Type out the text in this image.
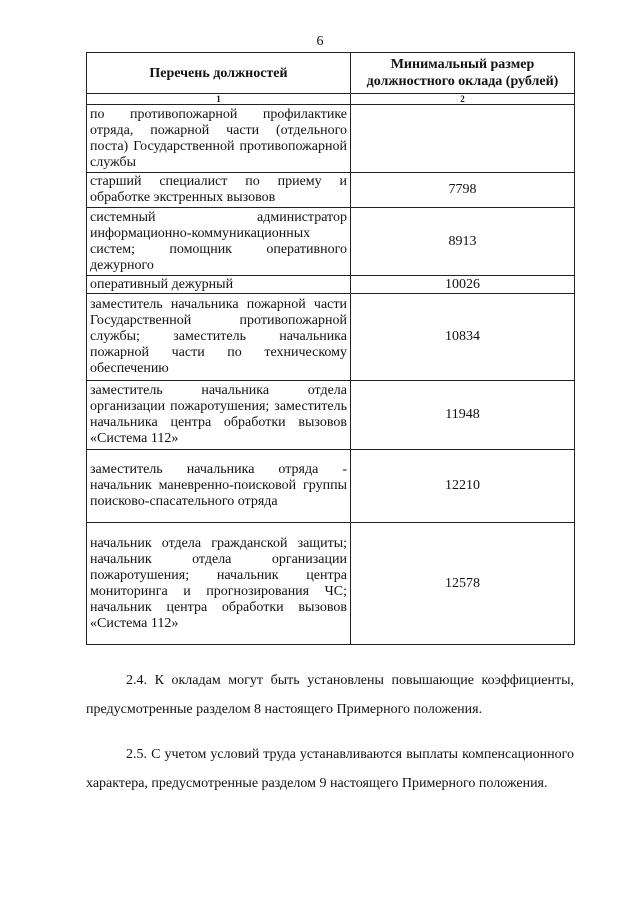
6
Перечень должностей	Минимальный размер должностного оклада (рублей)
1	2
по противопожарной профилактике отряда, пожарной части (отдельного поста) Государственной противопожарной службы	
старший специалист по приему и обработке экстренных вызовов	7798
системный администратор информационно-коммуникационных систем; помощник оперативного дежурного	8913
оперативный дежурный	10026
заместитель начальника пожарной части Государственной противопожарной службы; заместитель начальника пожарной части по техническому обеспечению	10834
заместитель начальника отдела организации пожаротушения; заместитель начальника центра обработки вызовов «Система 112»	11948
заместитель начальника отряда - начальник маневренно-поисковой группы поисково-спасательного отряда	12210
начальник отдела гражданской защиты; начальник отдела организации пожаротушения; начальник центра мониторинга и прогнозирования ЧС; начальник центра обработки вызовов «Система 112»	12578

2.4. К окладам могут быть установлены повышающие коэффициенты, предусмотренные разделом 8 настоящего Примерного положения.

2.5. С учетом условий труда устанавливаются выплаты компенсационного характера, предусмотренные разделом 9 настоящего Примерного положения.
